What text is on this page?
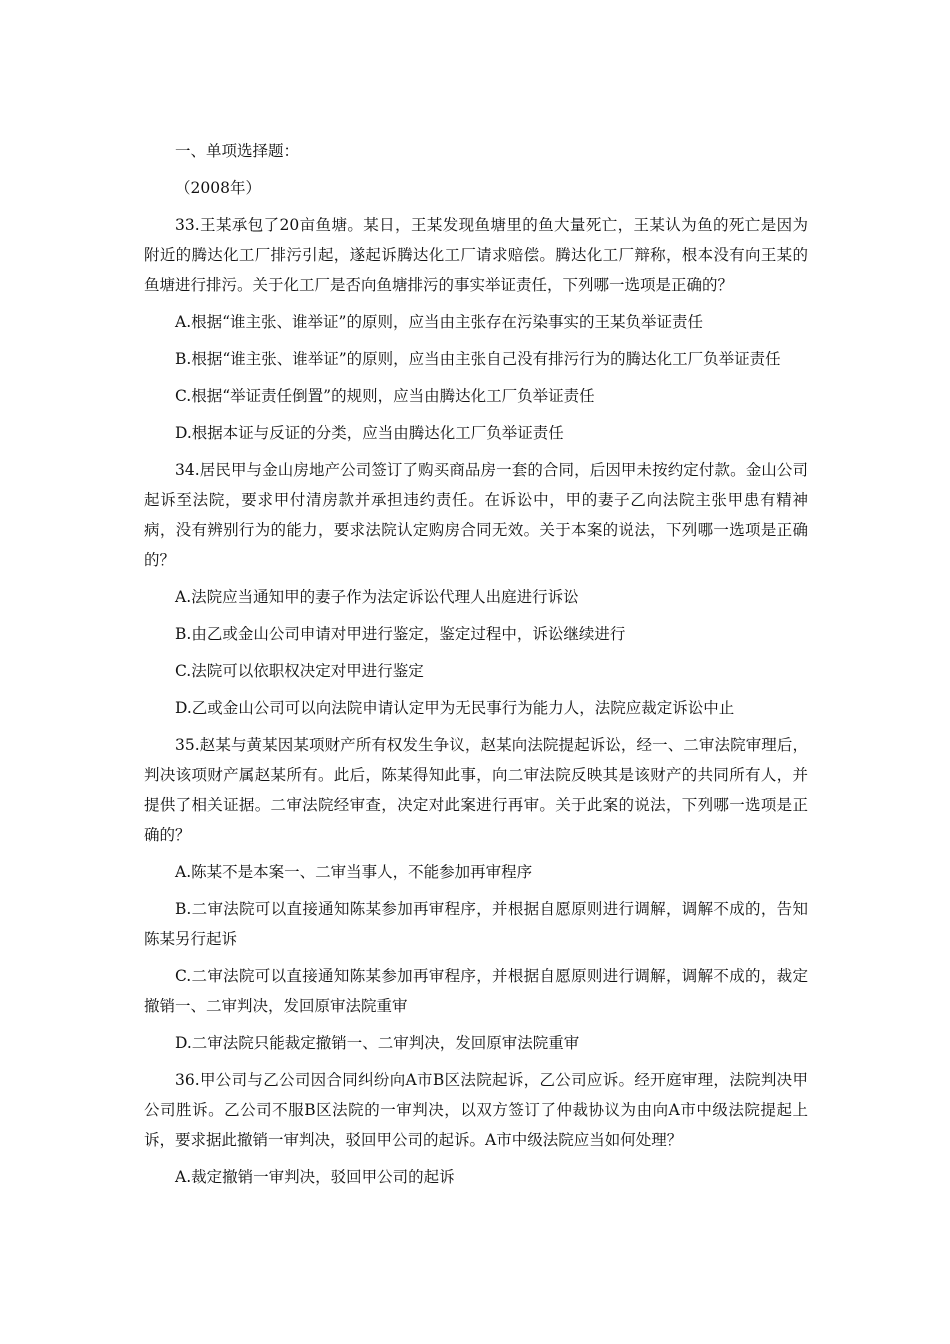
一、单项选择题：

（2008年）

33.王某承包了20亩鱼塘。某日，王某发现鱼塘里的鱼大量死亡，王某认为鱼的死亡是因为附近的腾达化工厂排污引起，遂起诉腾达化工厂请求赔偿。腾达化工厂辩称，根本没有向王某的鱼塘进行排污。关于化工厂是否向鱼塘排污的事实举证责任，下列哪一选项是正确的？

A.根据“谁主张、谁举证”的原则，应当由主张存在污染事实的王某负举证责任

B.根据“谁主张、谁举证”的原则，应当由主张自己没有排污行为的腾达化工厂负举证责任

C.根据“举证责任倒置”的规则，应当由腾达化工厂负举证责任

D.根据本证与反证的分类，应当由腾达化工厂负举证责任

34.居民甲与金山房地产公司签订了购买商品房一套的合同，后因甲未按约定付款。金山公司起诉至法院，要求甲付清房款并承担违约责任。在诉讼中，甲的妻子乙向法院主张甲患有精神病，没有辨别行为的能力，要求法院认定购房合同无效。关于本案的说法，下列哪一选项是正确的？

A.法院应当通知甲的妻子作为法定诉讼代理人出庭进行诉讼

B.由乙或金山公司申请对甲进行鉴定，鉴定过程中，诉讼继续进行

C.法院可以依职权决定对甲进行鉴定

D.乙或金山公司可以向法院申请认定甲为无民事行为能力人，法院应裁定诉讼中止

35.赵某与黄某因某项财产所有权发生争议，赵某向法院提起诉讼，经一、二审法院审理后，判决该项财产属赵某所有。此后，陈某得知此事，向二审法院反映其是该财产的共同所有人，并提供了相关证据。二审法院经审查，决定对此案进行再审。关于此案的说法，下列哪一选项是正确的？

A.陈某不是本案一、二审当事人，不能参加再审程序

B.二审法院可以直接通知陈某参加再审程序，并根据自愿原则进行调解，调解不成的，告知陈某另行起诉

C.二审法院可以直接通知陈某参加再审程序，并根据自愿原则进行调解，调解不成的，裁定撤销一、二审判决，发回原审法院重审

D.二审法院只能裁定撤销一、二审判决，发回原审法院重审

36.甲公司与乙公司因合同纠纷向A市B区法院起诉，乙公司应诉。经开庭审理，法院判决甲公司胜诉。乙公司不服B区法院的一审判决，以双方签订了仲裁协议为由向A市中级法院提起上诉，要求据此撤销一审判决，驳回甲公司的起诉。A市中级法院应当如何处理？

A.裁定撤销一审判决，驳回甲公司的起诉
